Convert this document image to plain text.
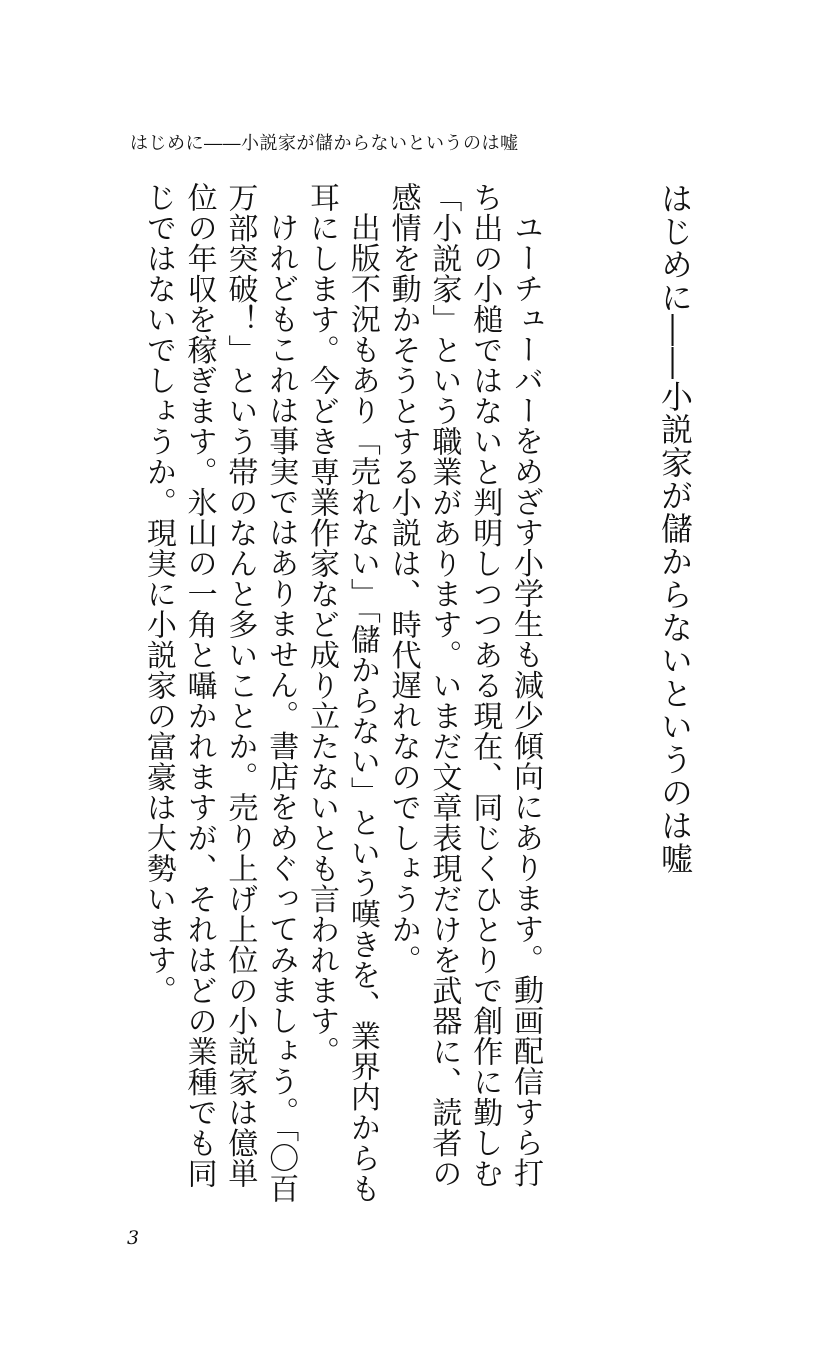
はじめに――小説家が儲からないというのは嘘
はじめに――小説家が儲からないというのは嘘

ユーチューバーをめざす小学生も減少傾向にあります。動画配信すら打ち出の小槌ではないと判明しつつある現在、同じくひとりで創作に勤しむ「小説家」という職業があります。いまだ文章表現だけを武器に、読者の感情を動かそうとする小説は、時代遅れなのでしょうか。

出版不況もあり「売れない」「儲からない」という嘆きを、業界内からも耳にします。今どき専業作家など成り立たないとも言われます。

けれどもこれは事実ではありません。書店をめぐってみましょう。「〇百万部突破！」という帯のなんと多いことか。売り上げ上位の小説家は億単位の年収を稼ぎます。氷山の一角と囁かれますが、それはどの業種でも同じではないでしょうか。現実に小説家の富豪は大勢います。

3
